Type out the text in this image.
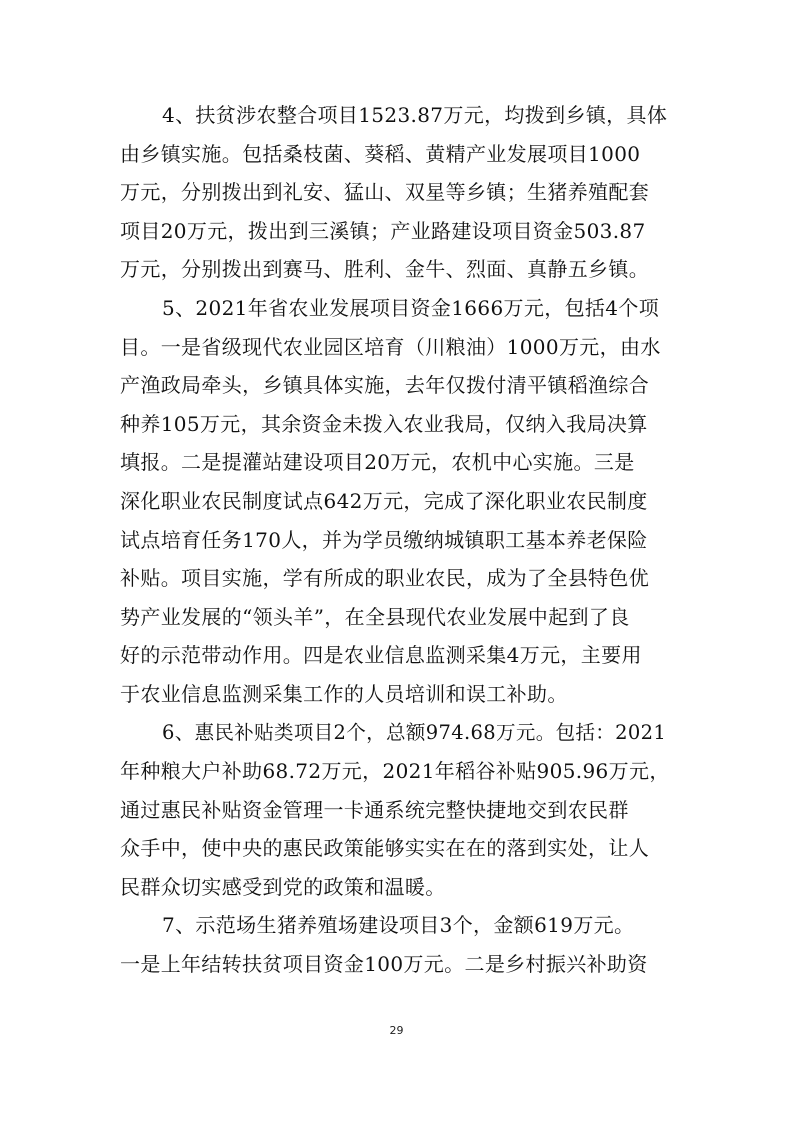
4、扶贫涉农整合项目1523.87万元，均拨到乡镇，具体
由乡镇实施。包括桑枝菌、葵稻、黄精产业发展项目1000
万元，分别拨出到礼安、猛山、双星等乡镇；生猪养殖配套
项目20万元，拨出到三溪镇；产业路建设项目资金503.87
万元，分别拨出到赛马、胜利、金牛、烈面、真静五乡镇。
5、2021年省农业发展项目资金1666万元，包括4个项
目。一是省级现代农业园区培育（川粮油）1000万元，由水
产渔政局牵头，乡镇具体实施，去年仅拨付清平镇稻渔综合
种养105万元，其余资金未拨入农业我局，仅纳入我局决算
填报。二是提灌站建设项目20万元，农机中心实施。三是
深化职业农民制度试点642万元，完成了深化职业农民制度
试点培育任务170人，并为学员缴纳城镇职工基本养老保险
补贴。项目实施，学有所成的职业农民，成为了全县特色优
势产业发展的“领头羊”，在全县现代农业发展中起到了良
好的示范带动作用。四是农业信息监测采集4万元，主要用
于农业信息监测采集工作的人员培训和误工补助。
6、惠民补贴类项目2个，总额974.68万元。包括：2021
年种粮大户补助68.72万元，2021年稻谷补贴905.96万元，
通过惠民补贴资金管理一卡通系统完整快捷地交到农民群
众手中，使中央的惠民政策能够实实在在的落到实处，让人
民群众切实感受到党的政策和温暖。
7、示范场生猪养殖场建设项目3个，金额619万元。
一是上年结转扶贫项目资金100万元。二是乡村振兴补助资
29
